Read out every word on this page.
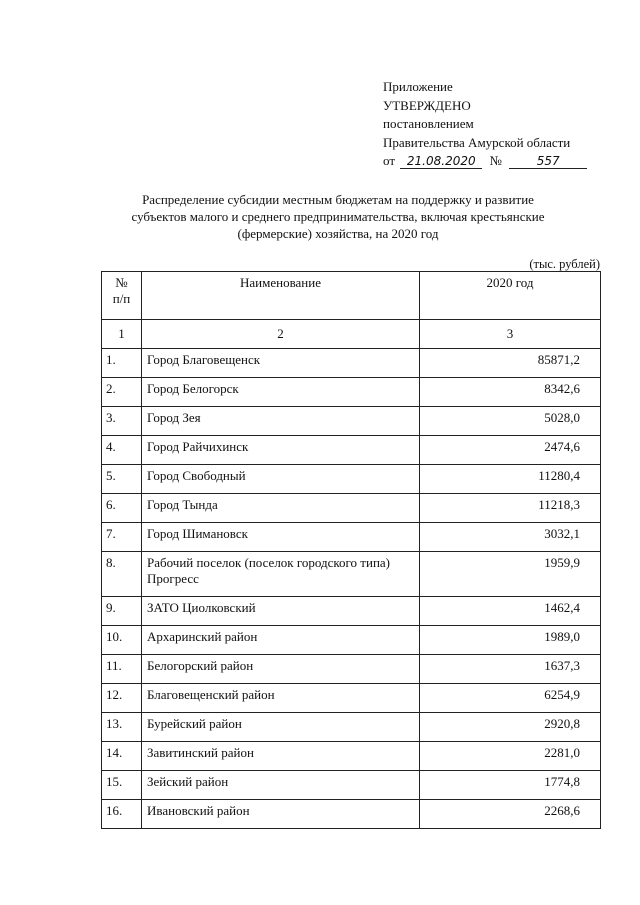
Приложение
УТВЕРЖДЕНО
постановлением
Правительства Амурской области
от 21.08.2020 №	557
Распределение субсидии местным бюджетам на поддержку и развитие
субъектов малого и среднего предпринимательства, включая крестьянские
(фермерские) хозяйства, на 2020 год
(тыс. рублей)
№
п/п	Наименование	2020 год
1	2	3
1.	Город Благовещенск	85871,2
2.	Город Белогорск	8342,6
3.	Город Зея	5028,0
4.	Город Райчихинск	2474,6
5.	Город Свободный	11280,4
6.	Город Тында	11218,3
7.	Город Шимановск	3032,1
8.	Рабочий поселок (поселок городского типа) Прогресс	1959,9
9.	ЗАТО Циолковский	1462,4
10.	Архаринский район	1989,0
11.	Белогорский район	1637,3
12.	Благовещенский район	6254,9
13.	Бурейский район	2920,8
14.	Завитинский район	2281,0
15.	Зейский район	1774,8
16.	Ивановский район	2268,6
